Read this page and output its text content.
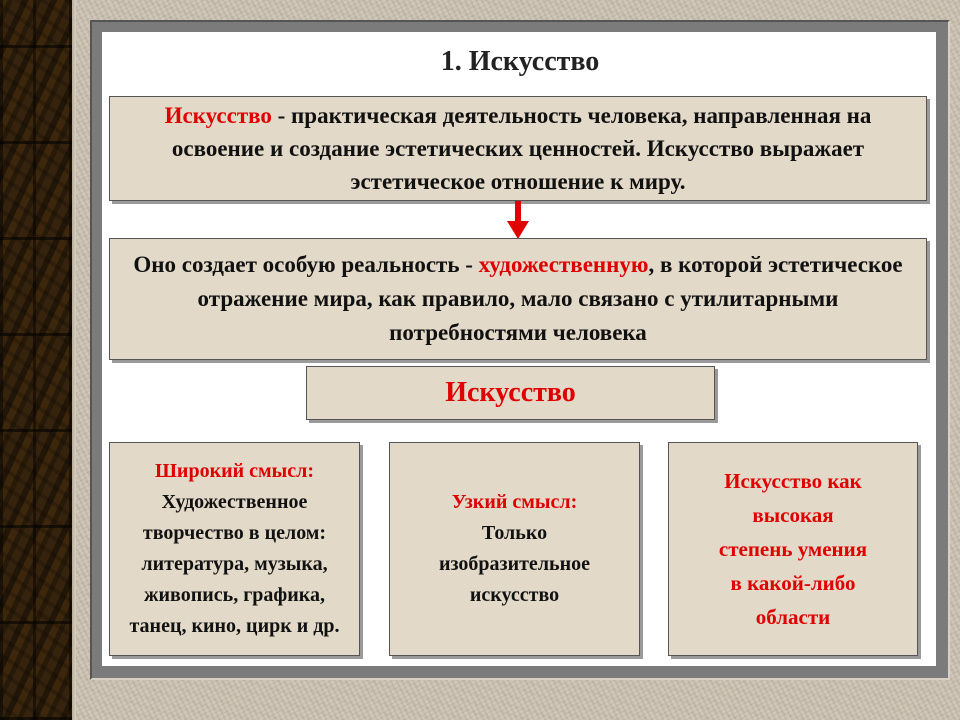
1. Искусство
Искусство - практическая деятельность человека, направленная на освоение и создание эстетических ценностей. Искусство выражает эстетическое отношение к миру.
Оно создает особую реальность - художественную, в которой эстетическое отражение мира, как правило, мало связано с утилитарными потребностями человека
Искусство
Широкий смысл:
Художественное
творчество в целом:
литература, музыка,
живопись, графика,
танец, кино, цирк и др.
Узкий смысл:
Только
изобразительное
искусство
Искусство как
высокая
степень умения
в какой-либо
области
